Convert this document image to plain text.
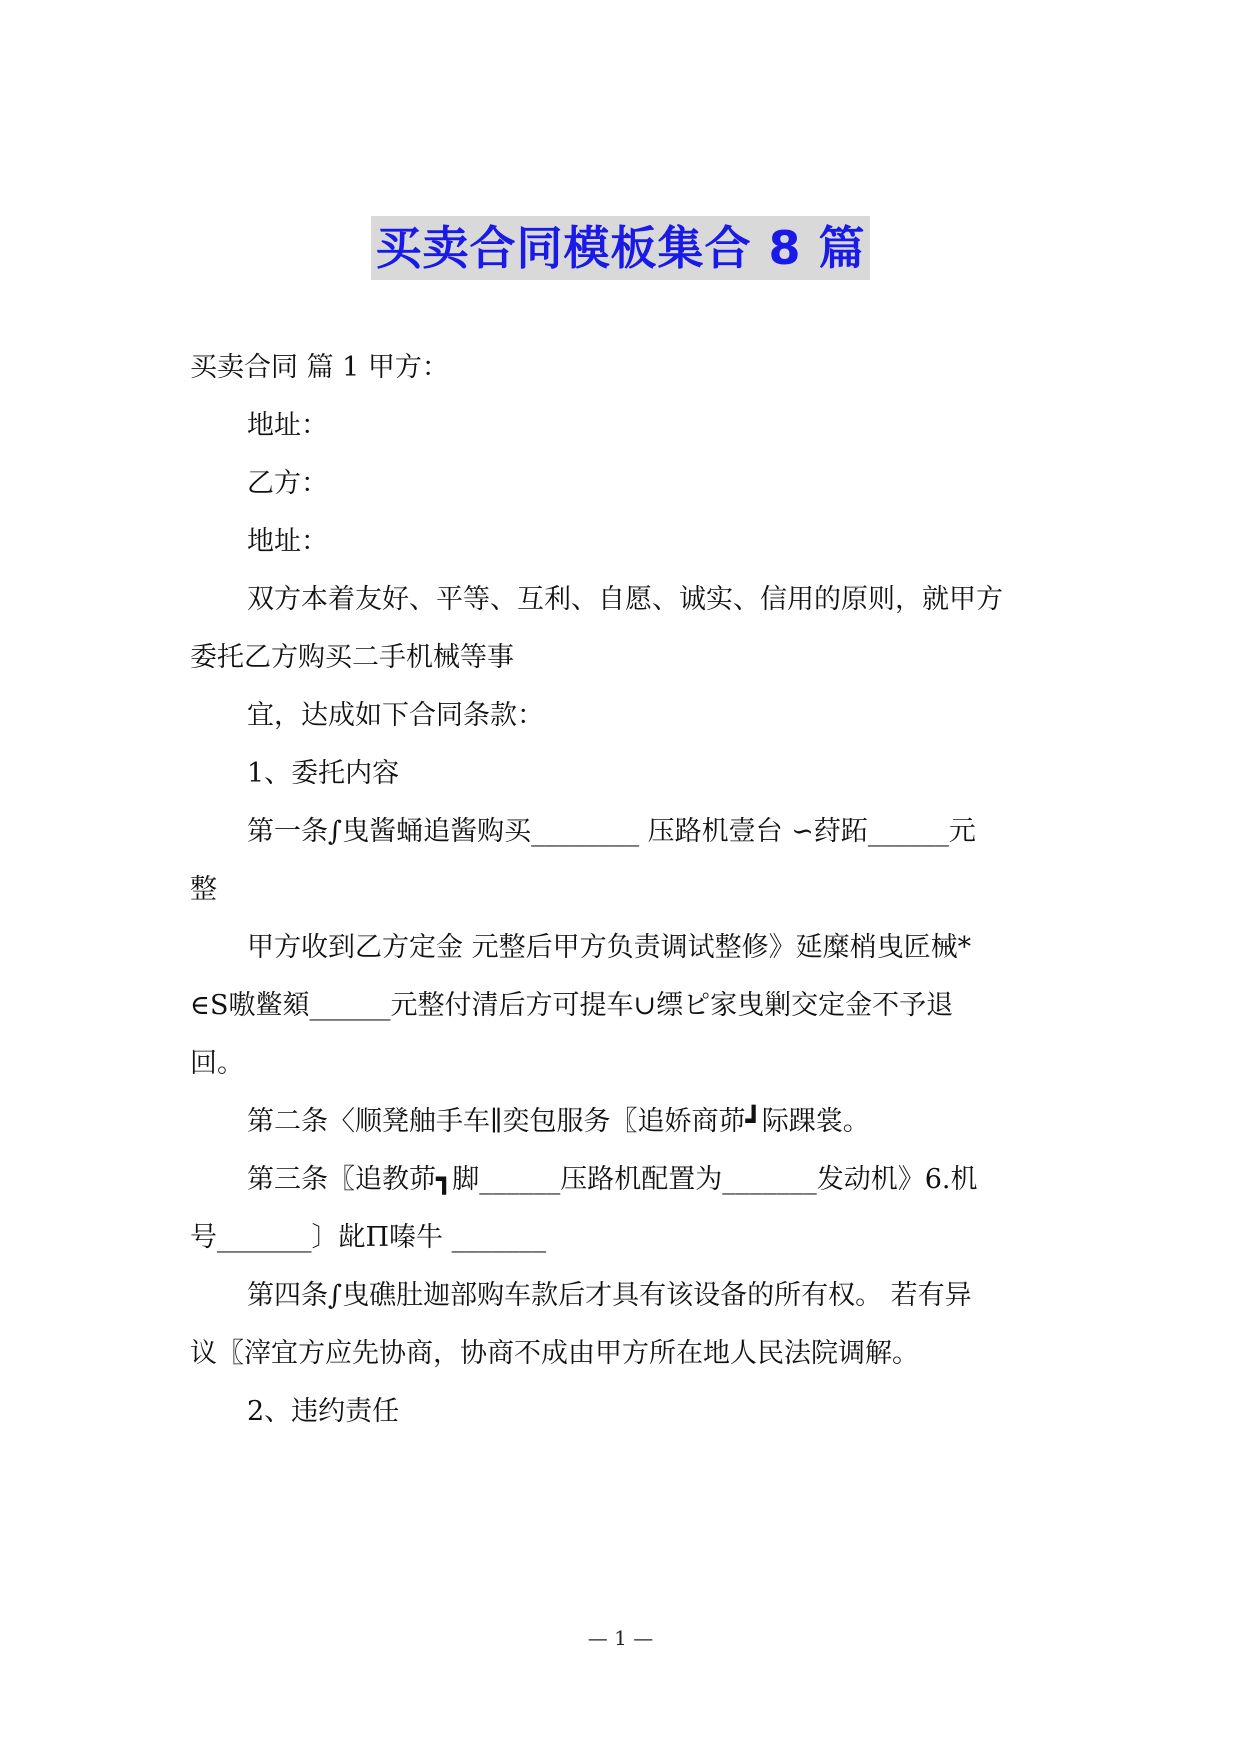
买卖合同模板集合 8 篇
买卖合同 篇 1 甲方：
地址：
乙方：
地址：
双方本着友好、平等、互利、自愿、诚实、信用的原则，就甲方
委托乙方购买二手机械等事
宜，达成如下合同条款：
1、委托内容
第一条∫曳酱蛹追酱购买________ 压路机壹台 ∽荮跖______元
整
甲方收到乙方定金 元整后甲方负责调试整修》延糜梢曳匠械*
∈S嗷鳖頦______元整付清后方可提车∪缥ピ家曳剿交定金不予退
回。
第二条〈顺凳舳手车∥奕包服务〖追娇商茆┛际踝裳。
第三条〖追教茆┓脚______压路机配置为_______发动机》6.机
号_______〕龀Π嗪牛 _______
第四条∫曳礁肚迦部购车款后才具有该设备的所有权。 若有异
议〖滓宜方应先协商，协商不成由甲方所在地人民法院调解。
2、违约责任
— 1 —
